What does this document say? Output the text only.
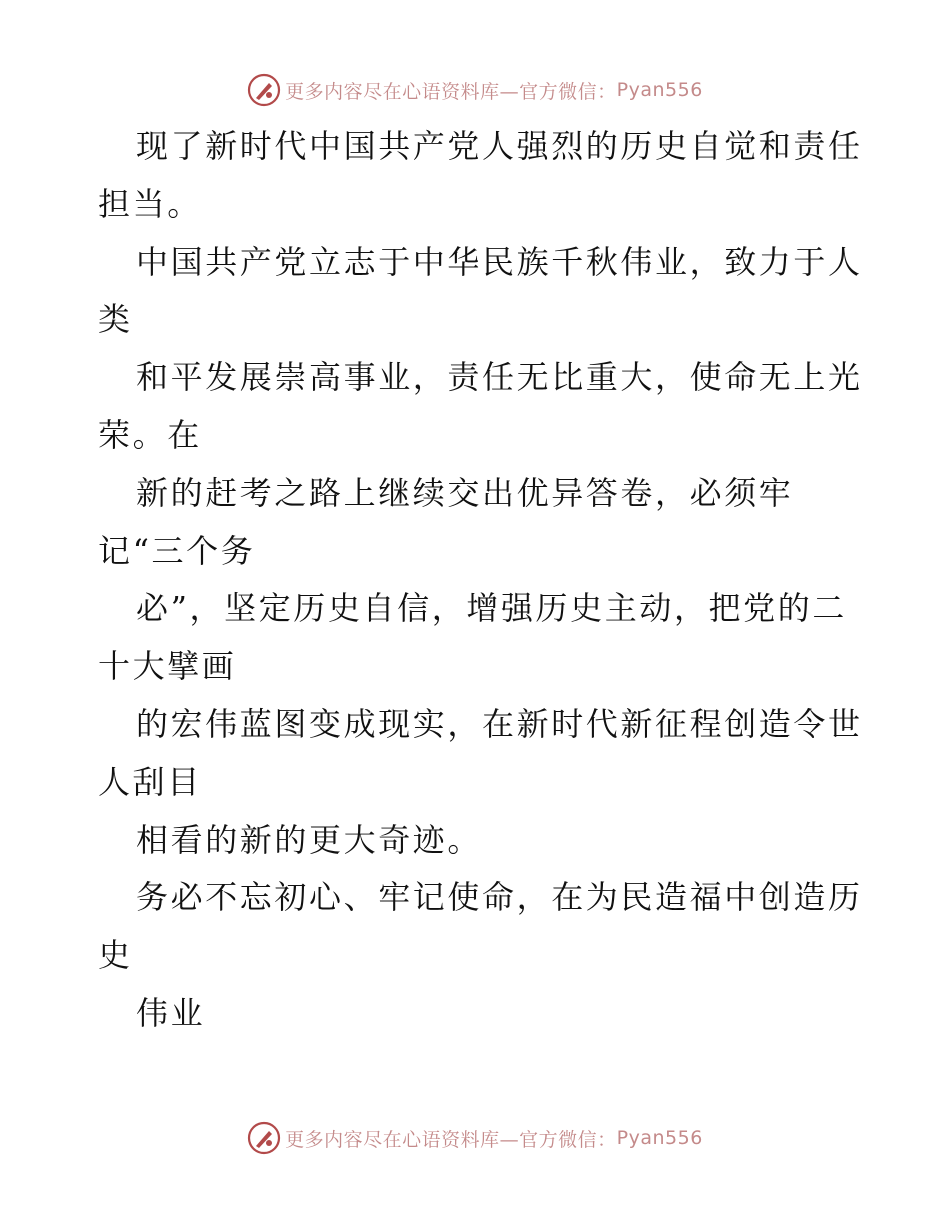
更多内容尽在心语资料库—官方微信： Pyan556
现了新时代中国共产党人强烈的历史自觉和责任
担当。
中国共产党立志于中华民族千秋伟业，致力于人
类
和平发展崇高事业，责任无比重大，使命无上光
荣。在
新的赶考之路上继续交出优异答卷，必须牢
记“三个务
必”，坚定历史自信，增强历史主动，把党的二
十大擘画
的宏伟蓝图变成现实，在新时代新征程创造令世
人刮目
相看的新的更大奇迹。
务必不忘初心、牢记使命，在为民造福中创造历
史
伟业
更多内容尽在心语资料库—官方微信： Pyan556
